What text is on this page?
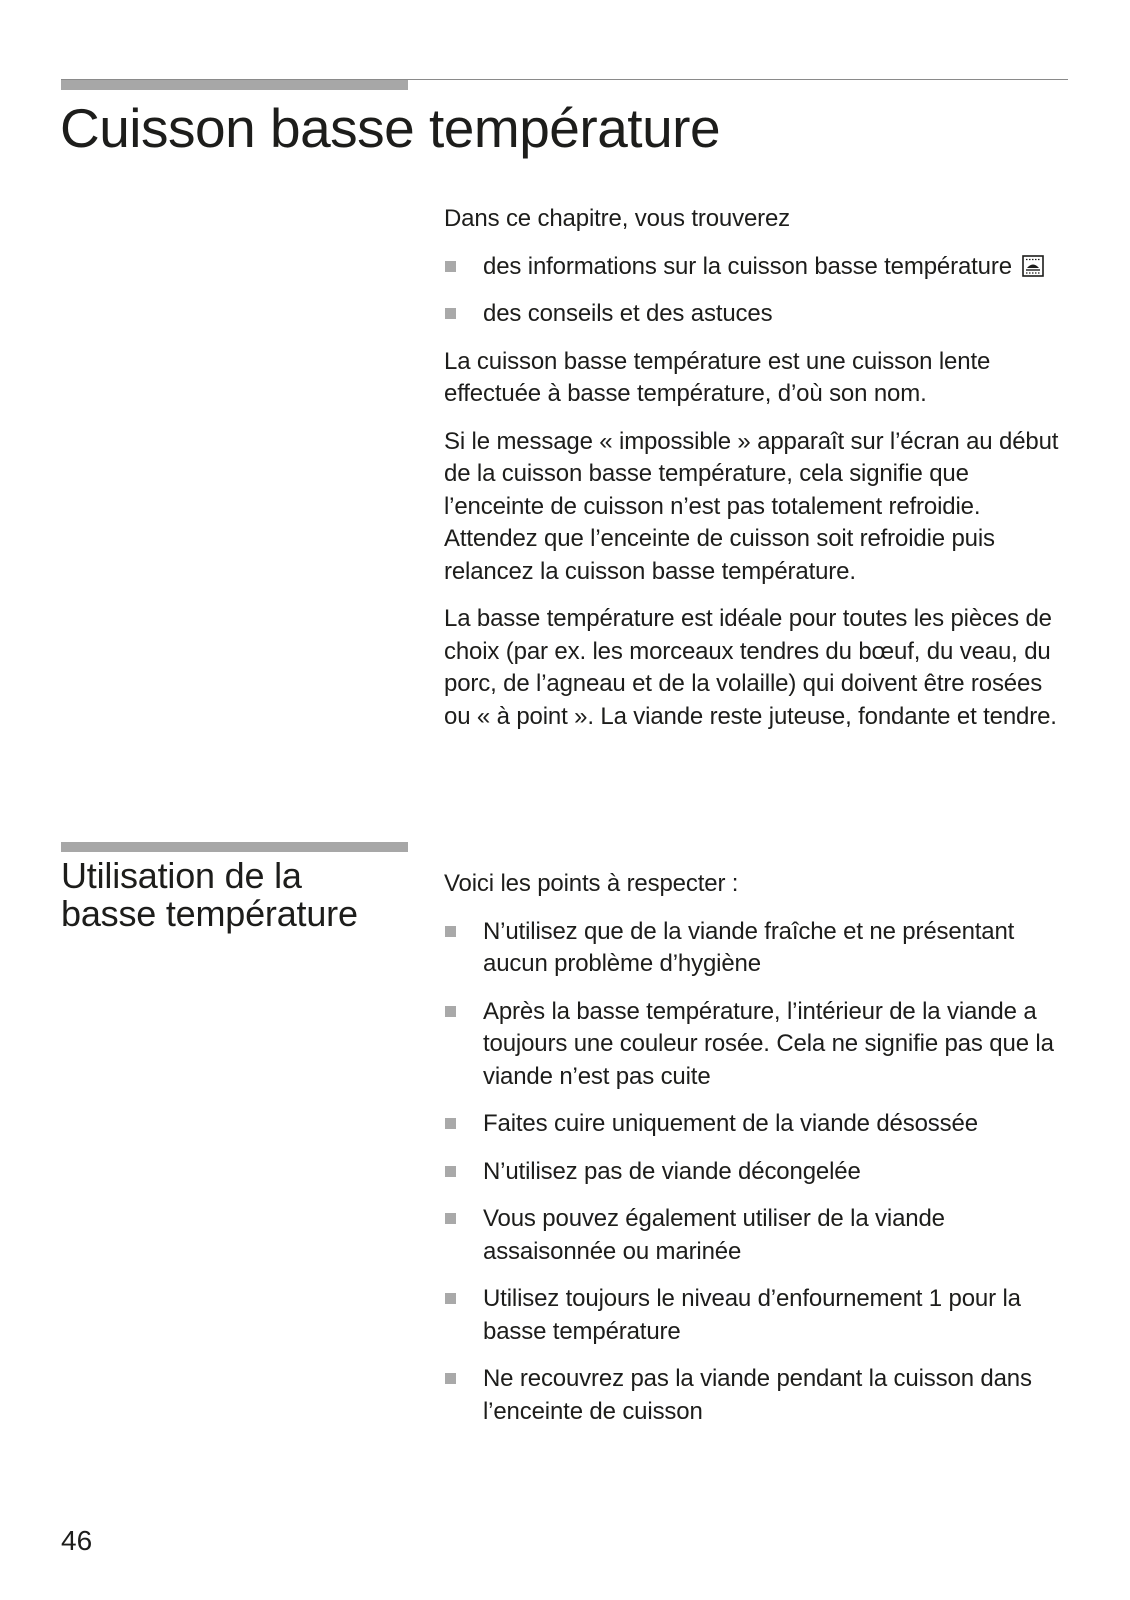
Cuisson basse température

Dans ce chapitre, vous trouverez

des informations sur la cuisson basse température
des conseils et des astuces

La cuisson basse température est une cuisson lente effectuée à basse température, d’où son nom.

Si le message « impossible » apparaît sur l’écran au début de la cuisson basse température, cela signifie que l’enceinte de cuisson n’est pas totalement refroidie. Attendez que l’enceinte de cuisson soit refroidie puis relancez la cuisson basse température.

La basse température est idéale pour toutes les pièces de choix (par ex. les morceaux tendres du bœuf, du veau, du porc, de l’agneau et de la volaille) qui doivent être rosées ou « à point ». La viande reste juteuse, fondante et tendre.

Utilisation de la
basse température

Voici les points à respecter :

N’utilisez que de la viande fraîche et ne présentant aucun problème d’hygiène
Après la basse température, l’intérieur de la viande a toujours une couleur rosée. Cela ne signifie pas que la viande n’est pas cuite
Faites cuire uniquement de la viande désossée
N’utilisez pas de viande décongelée
Vous pouvez également utiliser de la viande assaisonnée ou marinée
Utilisez toujours le niveau d’enfournement 1 pour la basse température
Ne recouvrez pas la viande pendant la cuisson dans l’enceinte de cuisson

46
